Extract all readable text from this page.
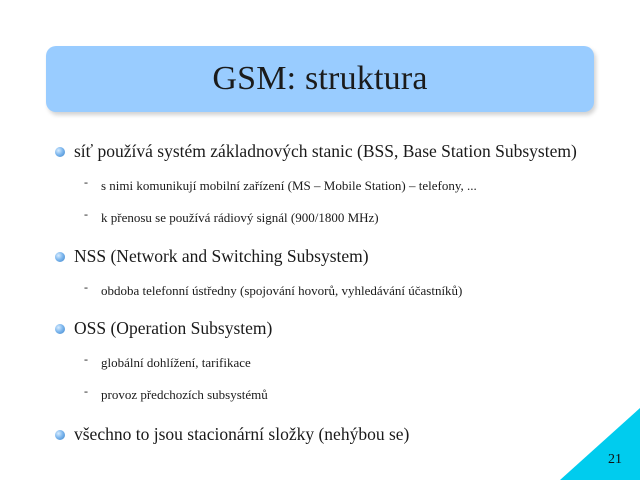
GSM: struktura
síť používá systém základnových stanic (BSS, Base Station Subsystem)
- s nimi komunikují mobilní zařízení (MS – Mobile Station) – telefony, ...
- k přenosu se používá rádiový signál (900/1800 MHz)
NSS (Network and Switching Subsystem)
- obdoba telefonní ústředny (spojování hovorů, vyhledávání účastníků)
OSS (Operation Subsystem)
- globální dohlížení, tarifikace
- provoz předchozích subsystémů
všechno to jsou stacionární složky (nehýbou se)
21
